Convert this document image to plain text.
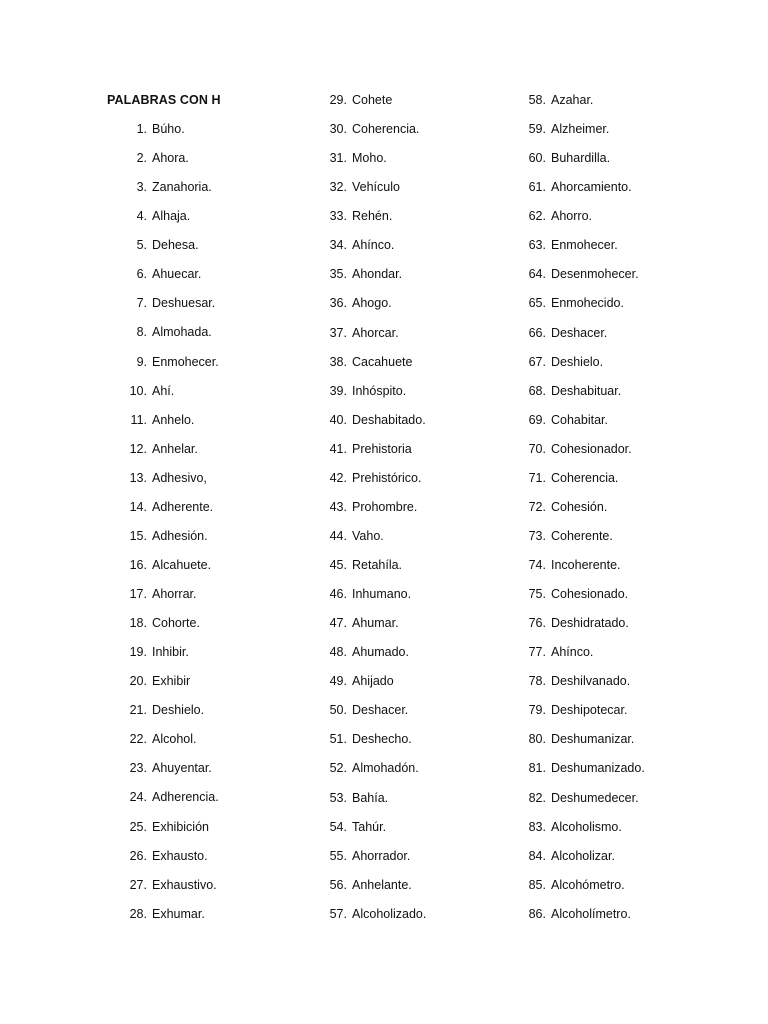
PALABRAS CON H
1. Búho.
2. Ahora.
3. Zanahoria.
4. Alhaja.
5. Dehesa.
6. Ahuecar.
7. Deshuesar.
8. Almohada.
9. Enmohecer.
10. Ahí.
11. Anhelo.
12. Anhelar.
13. Adhesivo,
14. Adherente.
15. Adhesión.
16. Alcahuete.
17. Ahorrar.
18. Cohorte.
19. Inhibir.
20. Exhibir
21. Deshielo.
22. Alcohol.
23. Ahuyentar.
24. Adherencia.
25. Exhibición
26. Exhausto.
27. Exhaustivo.
28. Exhumar.
29. Cohete
30. Coherencia.
31. Moho.
32. Vehículo
33. Rehén.
34. Ahínco.
35. Ahondar.
36. Ahogo.
37. Ahorcar.
38. Cacahuete
39. Inhóspito.
40. Deshabitado.
41. Prehistoria
42. Prehistórico.
43. Prohombre.
44. Vaho.
45. Retahíla.
46. Inhumano.
47. Ahumar.
48. Ahumado.
49. Ahijado
50. Deshacer.
51. Deshecho.
52. Almohadón.
53. Bahía.
54. Tahúr.
55. Ahorrador.
56. Anhelante.
57. Alcoholizado.
58. Azahar.
59. Alzheimer.
60. Buhardilla.
61. Ahorcamiento.
62. Ahorro.
63. Enmohecer.
64. Desenmohecer.
65. Enmohecido.
66. Deshacer.
67. Deshielo.
68. Deshabituar.
69. Cohabitar.
70. Cohesionador.
71. Coherencia.
72. Cohesión.
73. Coherente.
74. Incoherente.
75. Cohesionado.
76. Deshidratado.
77. Ahínco.
78. Deshilvanado.
79. Deshipotecar.
80. Deshumanizar.
81. Deshumanizado.
82. Deshumedecer.
83. Alcoholismo.
84. Alcoholizar.
85. Alcohómetro.
86. Alcoholímetro.
